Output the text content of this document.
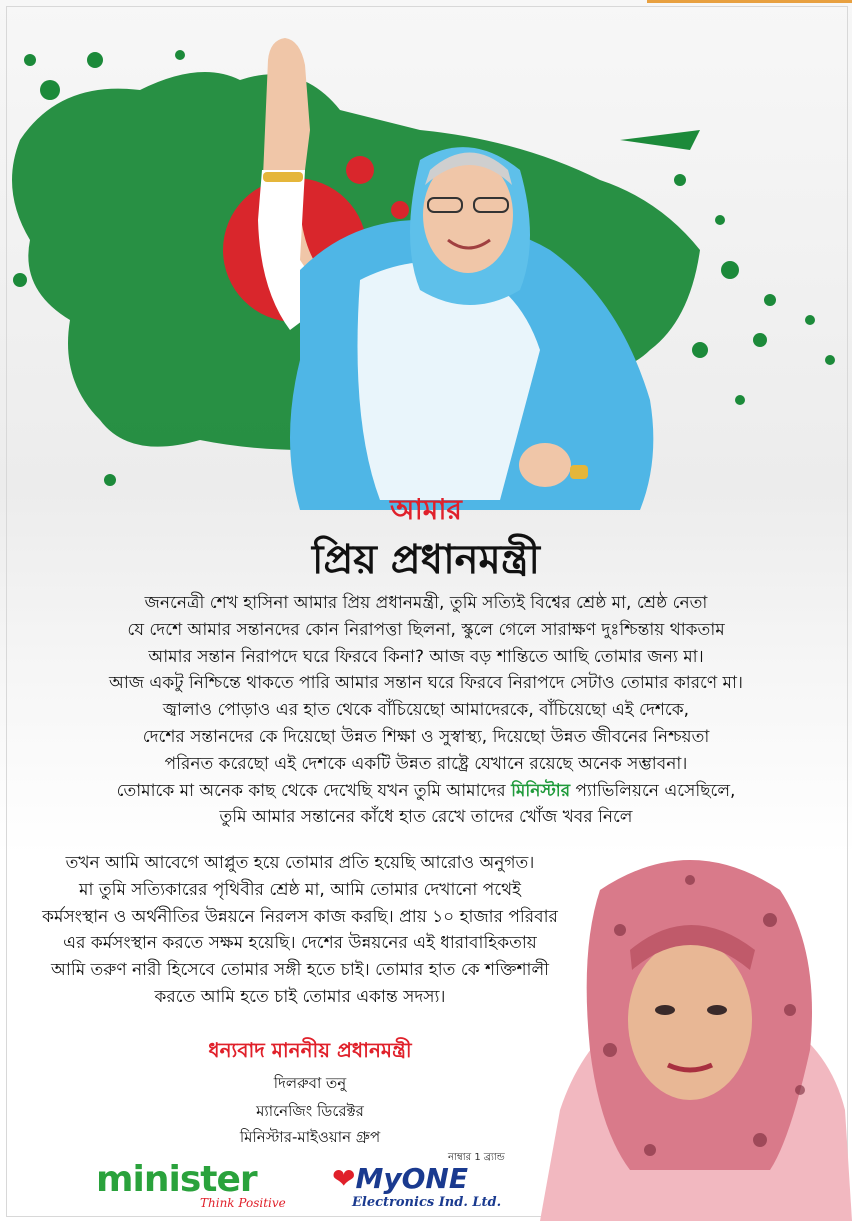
আমার
প্রিয় প্রধানমন্ত্রী
জননেত্রী শেখ হাসিনা আমার প্রিয় প্রধানমন্ত্রী, তুমি সত্যিই বিশ্বের শ্রেষ্ঠ মা, শ্রেষ্ঠ নেতা
যে দেশে আমার সন্তানদের কোন নিরাপত্তা ছিলনা, স্কুলে গেলে সারাক্ষণ দুঃশ্চিন্তায় থাকতাম
আমার সন্তান নিরাপদে ঘরে ফিরবে কিনা? আজ বড় শান্তিতে আছি তোমার জন্য মা।
আজ একটু নিশ্চিন্তে থাকতে পারি আমার সন্তান ঘরে ফিরবে নিরাপদে সেটাও তোমার কারণে মা।
জ্বালাও পোড়াও এর হাত থেকে বাঁচিয়েছো আমাদেরকে, বাঁচিয়েছো এই দেশকে,
দেশের সন্তানদের কে দিয়েছো উন্নত শিক্ষা ও সুস্বাস্থ্য, দিয়েছো উন্নত জীবনের নিশ্চয়তা
পরিনত করেছো এই দেশকে একটি উন্নত রাষ্ট্রে যেখানে রয়েছে অনেক সম্ভাবনা।
তোমাকে মা অনেক কাছ থেকে দেখেছি যখন তুমি আমাদের মিনিস্টার প্যাভিলিয়নে এসেছিলে,
তুমি আমার সন্তানের কাঁধে হাত রেখে তাদের খোঁজ খবর নিলে
তখন আমি আবেগে আপ্লুত হয়ে তোমার প্রতি হয়েছি আরোও অনুগত।
মা তুমি সত্যিকারের পৃথিবীর শ্রেষ্ঠ মা, আমি তোমার দেখানো পথেই
কর্মসংস্থান ও অর্থনীতির উন্নয়নে নিরলস কাজ করছি। প্রায় ১০ হাজার পরিবার
এর কর্মসংস্থান করতে সক্ষম হয়েছি। দেশের উন্নয়নের এই ধারাবাহিকতায়
আমি তরুণ নারী হিসেবে তোমার সঙ্গী হতে চাই। তোমার হাত কে শক্তিশালী
করতে আমি হতে চাই তোমার একান্ত সদস্য।
ধন্যবাদ মাননীয় প্রধানমন্ত্রী
দিলরুবা তনু
ম্যানেজিং ডিরেক্টর
মিনিস্টার-মাইওয়ান গ্রুপ
minister
Think Positive
নাম্বার 1 ব্র্যান্ড
❤MyONE
Electronics Ind. Ltd.
